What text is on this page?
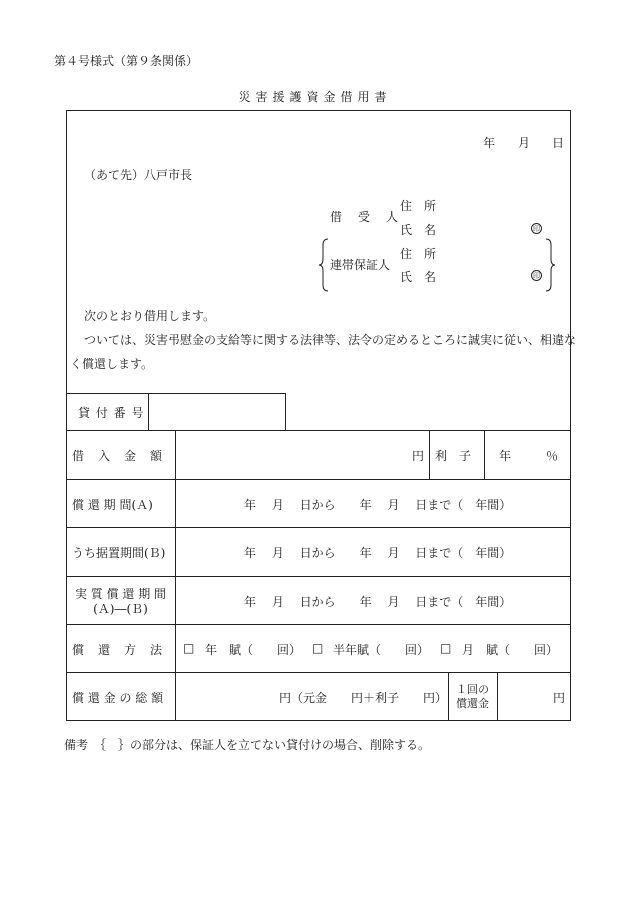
第４号様式（第９条関係）
災害援護資金借用書
年 月 日
（あて先）八戸市長
借　受　人
住　所
氏　名	印
連帯保証人
住　所
氏　名	印
次のとおり借用します。
ついては、災害弔慰金の支給等に関する法律等、法令の定めるところに誠実に従い、相違な
く償還します。
貸 付 番 号
借　入　金　額	円 利　子 年	％
償 還 期 間(Ａ)	年　 月　 日から　　年　 月　 日まで（　年間）
うち据置期間(Ｂ)	年　 月　 日から　　年　 月　 日まで（　年間）
実 質 償 還 期 間
(Ａ)―(Ｂ)	年　 月　 日から　　年　 月　 日まで（　年間）
償　還　方　法 □ 年　賦（　　回） □ 半年賦（　　回） □ 月　賦（　　回）
償 還 金 の 総 額	円（元金　　円＋利子　　円）
１回の
償還金	円
備考　｛　｝の部分は、保証人を立てない貸付けの場合、削除する。
